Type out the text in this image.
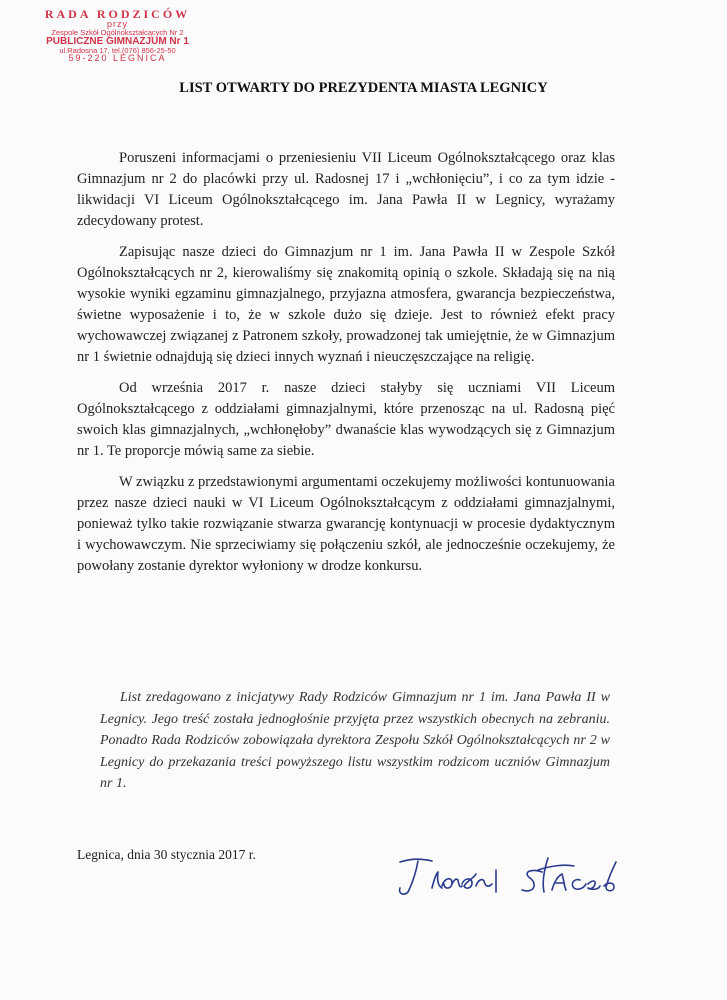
RADA RODZICÓW
przy
Zespole Szkół Ogólnokształcących Nr 2
PUBLICZNE GIMNAZJUM Nr 1
ul.Radosna 17, tel.(076) 856-25-50
59-220 LEGNICA
LIST OTWARTY DO PREZYDENTA MIASTA LEGNICY

Poruszeni informacjami o przeniesieniu VII Liceum Ogólnokształcącego oraz klas Gimnazjum nr 2 do placówki przy ul. Radosnej 17 i „wchłonięciu”, i co za tym idzie - likwidacji VI Liceum Ogólnokształcącego im. Jana Pawła II w Legnicy, wyrażamy zdecydowany protest.

Zapisując nasze dzieci do Gimnazjum nr 1 im. Jana Pawła II w Zespole Szkół Ogólnokształcących nr 2, kierowaliśmy się znakomitą opinią o szkole. Składają się na nią wysokie wyniki egzaminu gimnazjalnego, przyjazna atmosfera, gwarancja bezpieczeństwa, świetne wyposażenie i to, że w szkole dużo się dzieje. Jest to również efekt pracy wychowawczej związanej z Patronem szkoły, prowadzonej tak umiejętnie, że w Gimnazjum nr 1 świetnie odnajdują się dzieci innych wyznań i nieuczęszczające na religię.

Od września 2017 r. nasze dzieci stałyby się uczniami VII Liceum Ogólnokształcącego z oddziałami gimnazjalnymi, które przenosząc na ul. Radosną pięć swoich klas gimnazjalnych, „wchłonęłoby” dwanaście klas wywodzących się z Gimnazjum nr 1. Te proporcje mówią same za siebie.

W związku z przedstawionymi argumentami oczekujemy możliwości kontunuowania przez nasze dzieci nauki w VI Liceum Ogólnokształcącym z oddziałami gimnazjalnymi, ponieważ tylko takie rozwiązanie stwarza gwarancję kontynuacji w procesie dydaktycznym i wychowawczym. Nie sprzeciwiamy się połączeniu szkół, ale jednocześnie oczekujemy, że powołany zostanie dyrektor wyłoniony w drodze konkursu.

List zredagowano z inicjatywy Rady Rodziców Gimnazjum nr 1 im. Jana Pawła II w Legnicy. Jego treść została jednogłośnie przyjęta przez wszystkich obecnych na zebraniu. Ponadto Rada Rodziców zobowiązała dyrektora Zespołu Szkół Ogólnokształcących nr 2 w Legnicy do przekazania treści powyższego listu wszystkim rodzicom uczniów Gimnazjum nr 1.
Legnica, dnia 30 stycznia 2017 r.
